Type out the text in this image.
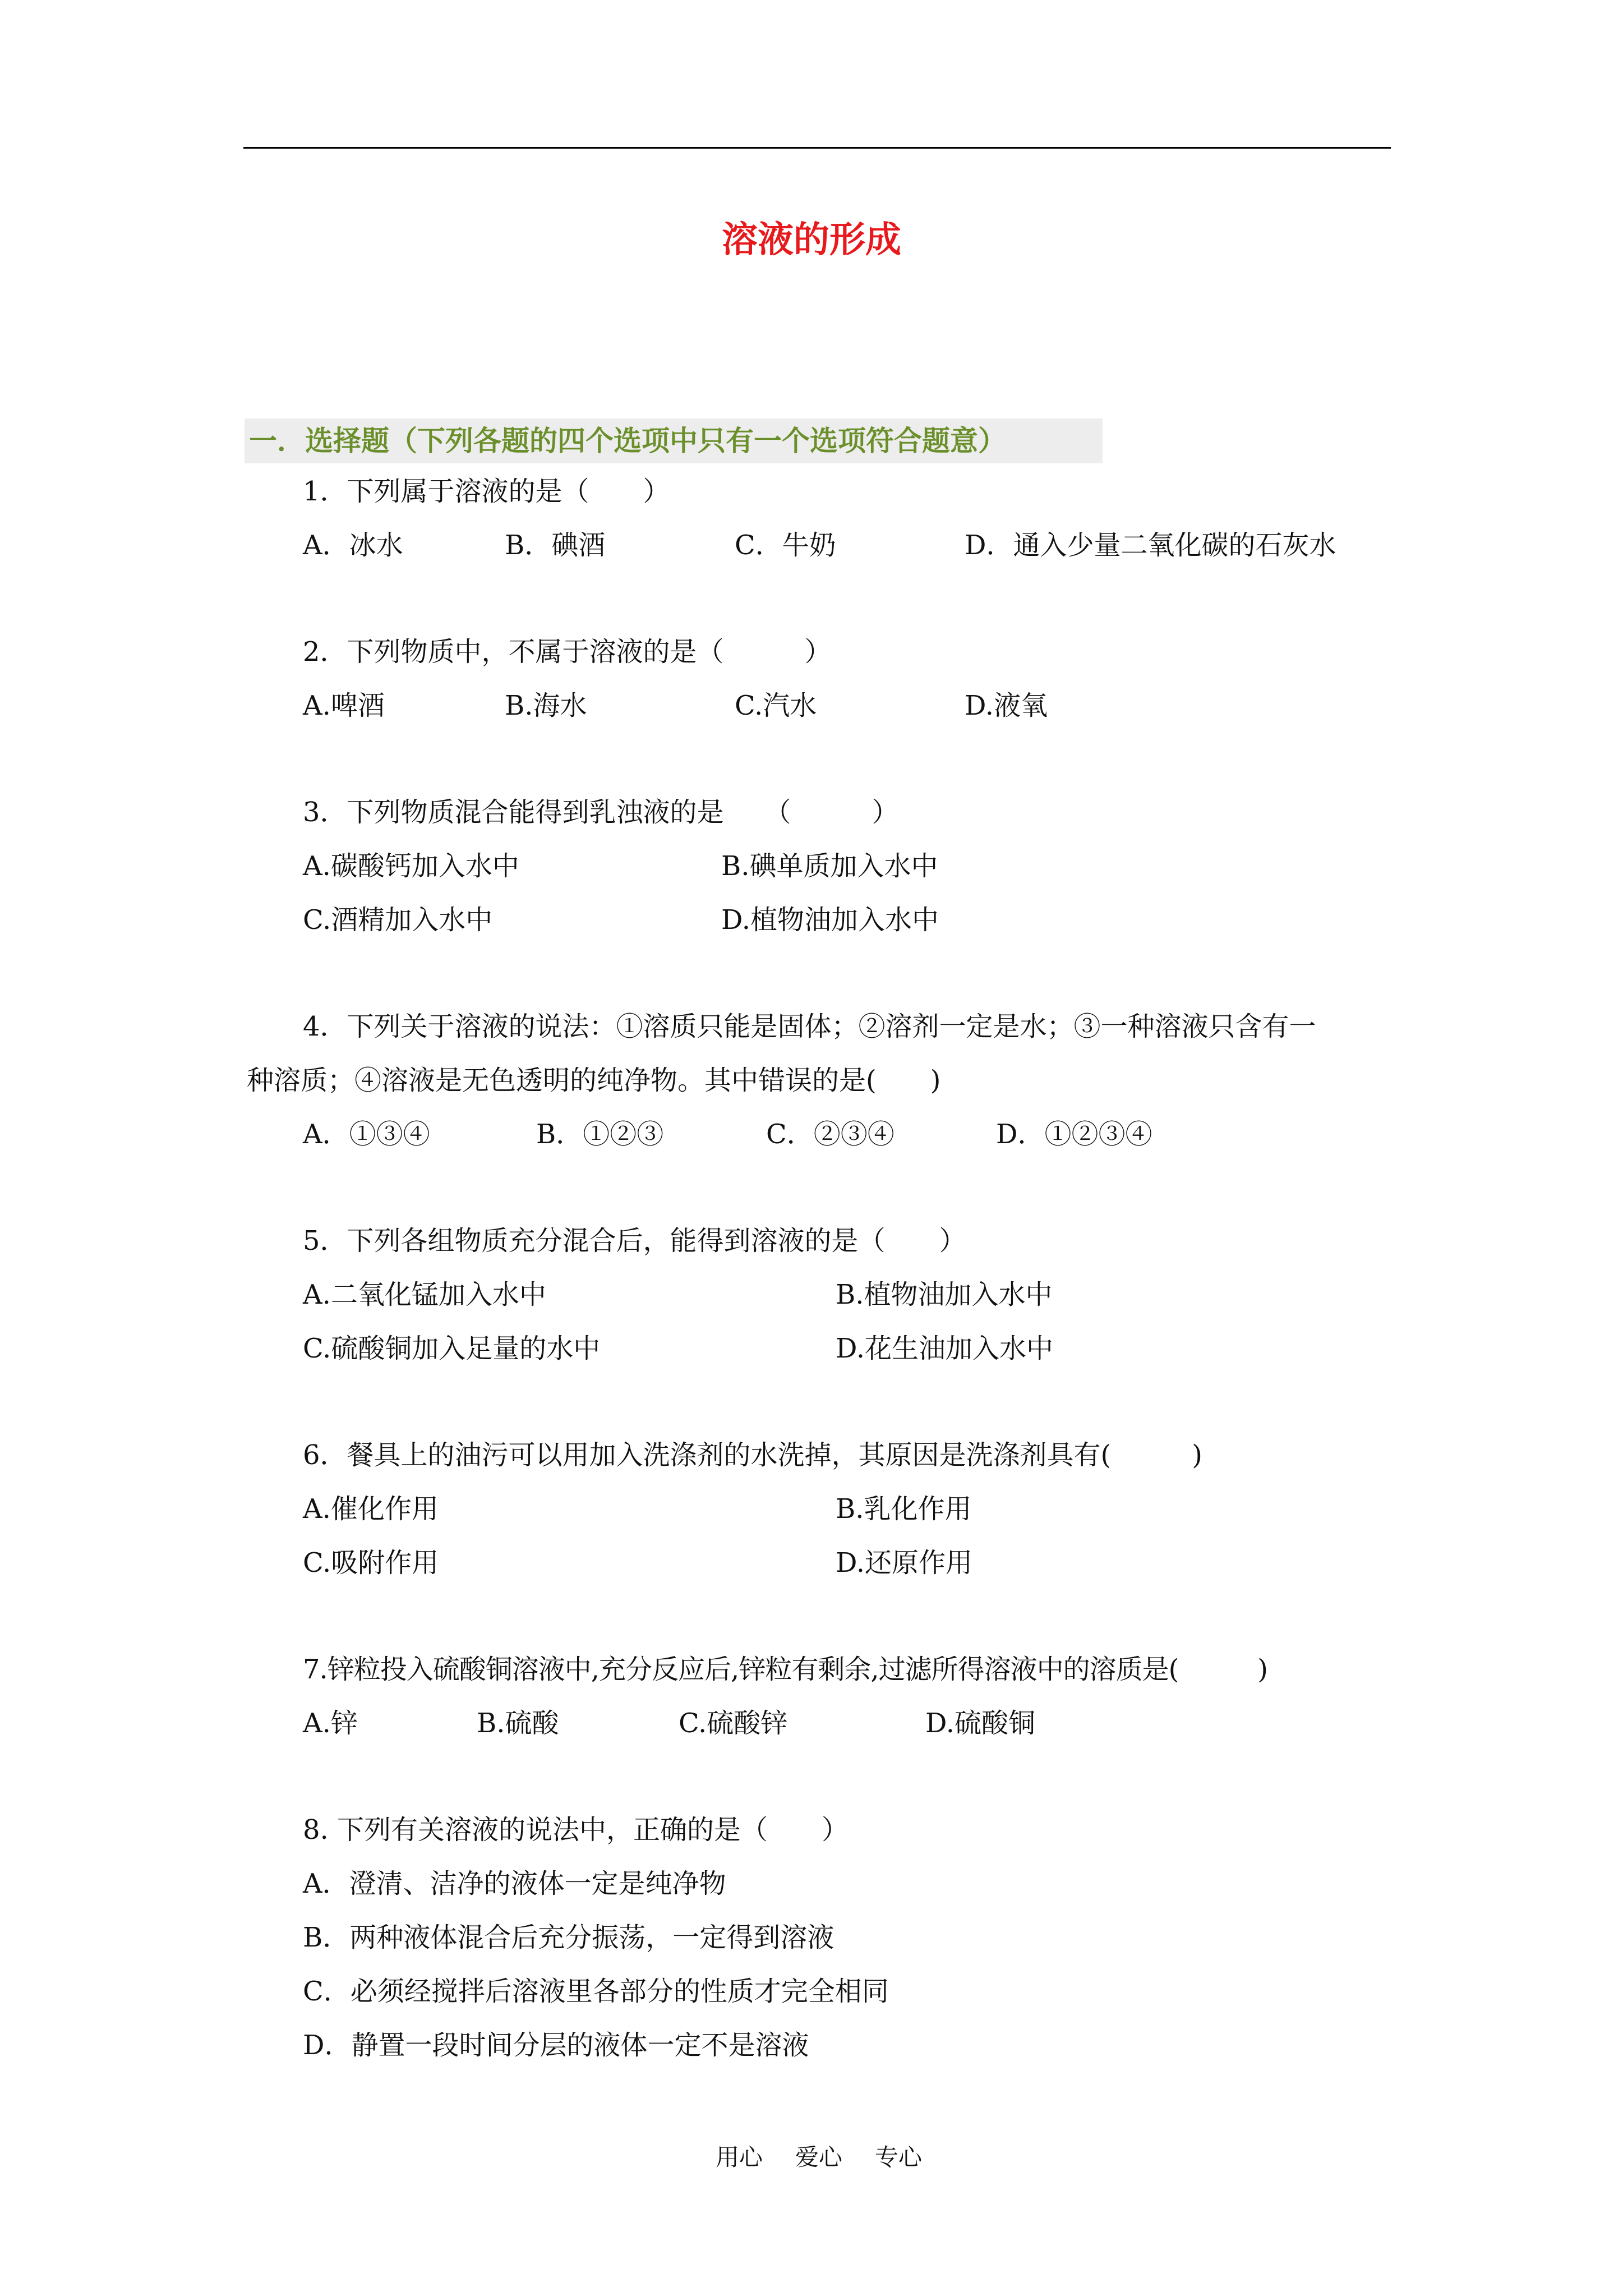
溶液的形成
一．选择题（下列各题的四个选项中只有一个选项符合题意）
1．下列属于溶液的是（　　）
A．冰水	B．碘酒	C．牛奶	D．通入少量二氧化碳的石灰水
2．下列物质中，不属于溶液的是（　　　）
A.啤酒	B.海水	C.汽水	D.液氧
3．下列物质混合能得到乳浊液的是　　（　　　）
A.碳酸钙加入水中	B.碘单质加入水中
C.酒精加入水中	D.植物油加入水中
4．下列关于溶液的说法：①溶质只能是固体；②溶剂一定是水；③一种溶液只含有一
种溶质；④溶液是无色透明的纯净物。其中错误的是(　　)
A．①③④	B．①②③	C．②③④	D．①②③④
5．下列各组物质充分混合后，能得到溶液的是（　　）
A.二氧化锰加入水中	B.植物油加入水中
C.硫酸铜加入足量的水中	D.花生油加入水中
6．餐具上的油污可以用加入洗涤剂的水洗掉，其原因是洗涤剂具有(　　　)
A.催化作用	B.乳化作用
C.吸附作用	D.还原作用
7.锌粒投入硫酸铜溶液中,充分反应后,锌粒有剩余,过滤所得溶液中的溶质是(　　　)
A.锌	B.硫酸	C.硫酸锌	D.硫酸铜
8. 下列有关溶液的说法中，正确的是（　　）
A．澄清、洁净的液体一定是纯净物
B．两种液体混合后充分振荡，一定得到溶液
C．必须经搅拌后溶液里各部分的性质才完全相同
D．静置一段时间分层的液体一定不是溶液
用心 爱心 专心
